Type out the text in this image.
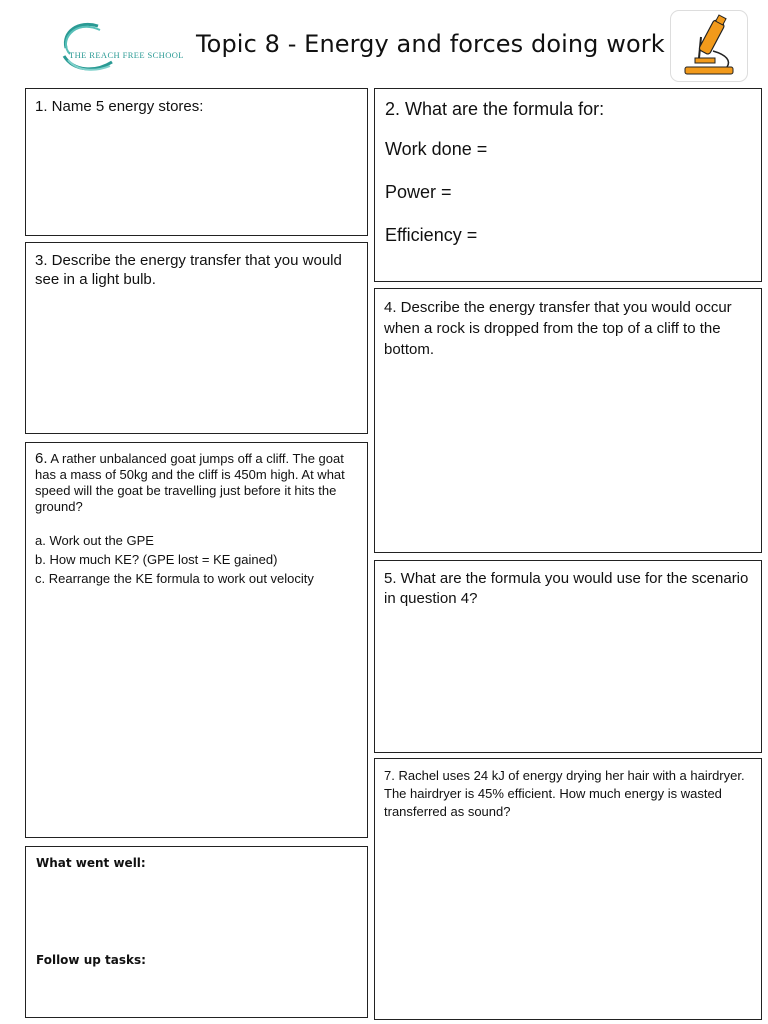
THE REACH FREE SCHOOL Topic 8 - Energy and forces doing work

1. Name 5 energy stores:	2. What are the formula for:

Work done =

Power =

Efficiency =

3. Describe the energy transfer that you would see in a light bulb.

4. Describe the energy transfer that you would occur when a rock is dropped from the top of a cliff to the bottom.

6. A rather unbalanced goat jumps off a cliff. The goat has a mass of 50kg and the cliff is 450m high. At what speed will the goat be travelling just before it hits the ground?

a. Work out the GPE

b. How much KE? (GPE lost = KE gained)

c. Rearrange the KE formula to work out velocity	5. What are the formula you would use for the scenario in question 4?

7. Rachel uses 24 kJ of energy drying her hair with a hairdryer. The hairdryer is 45% efficient. How much energy is wasted transferred as sound?

What went well:

Follow up tasks:
